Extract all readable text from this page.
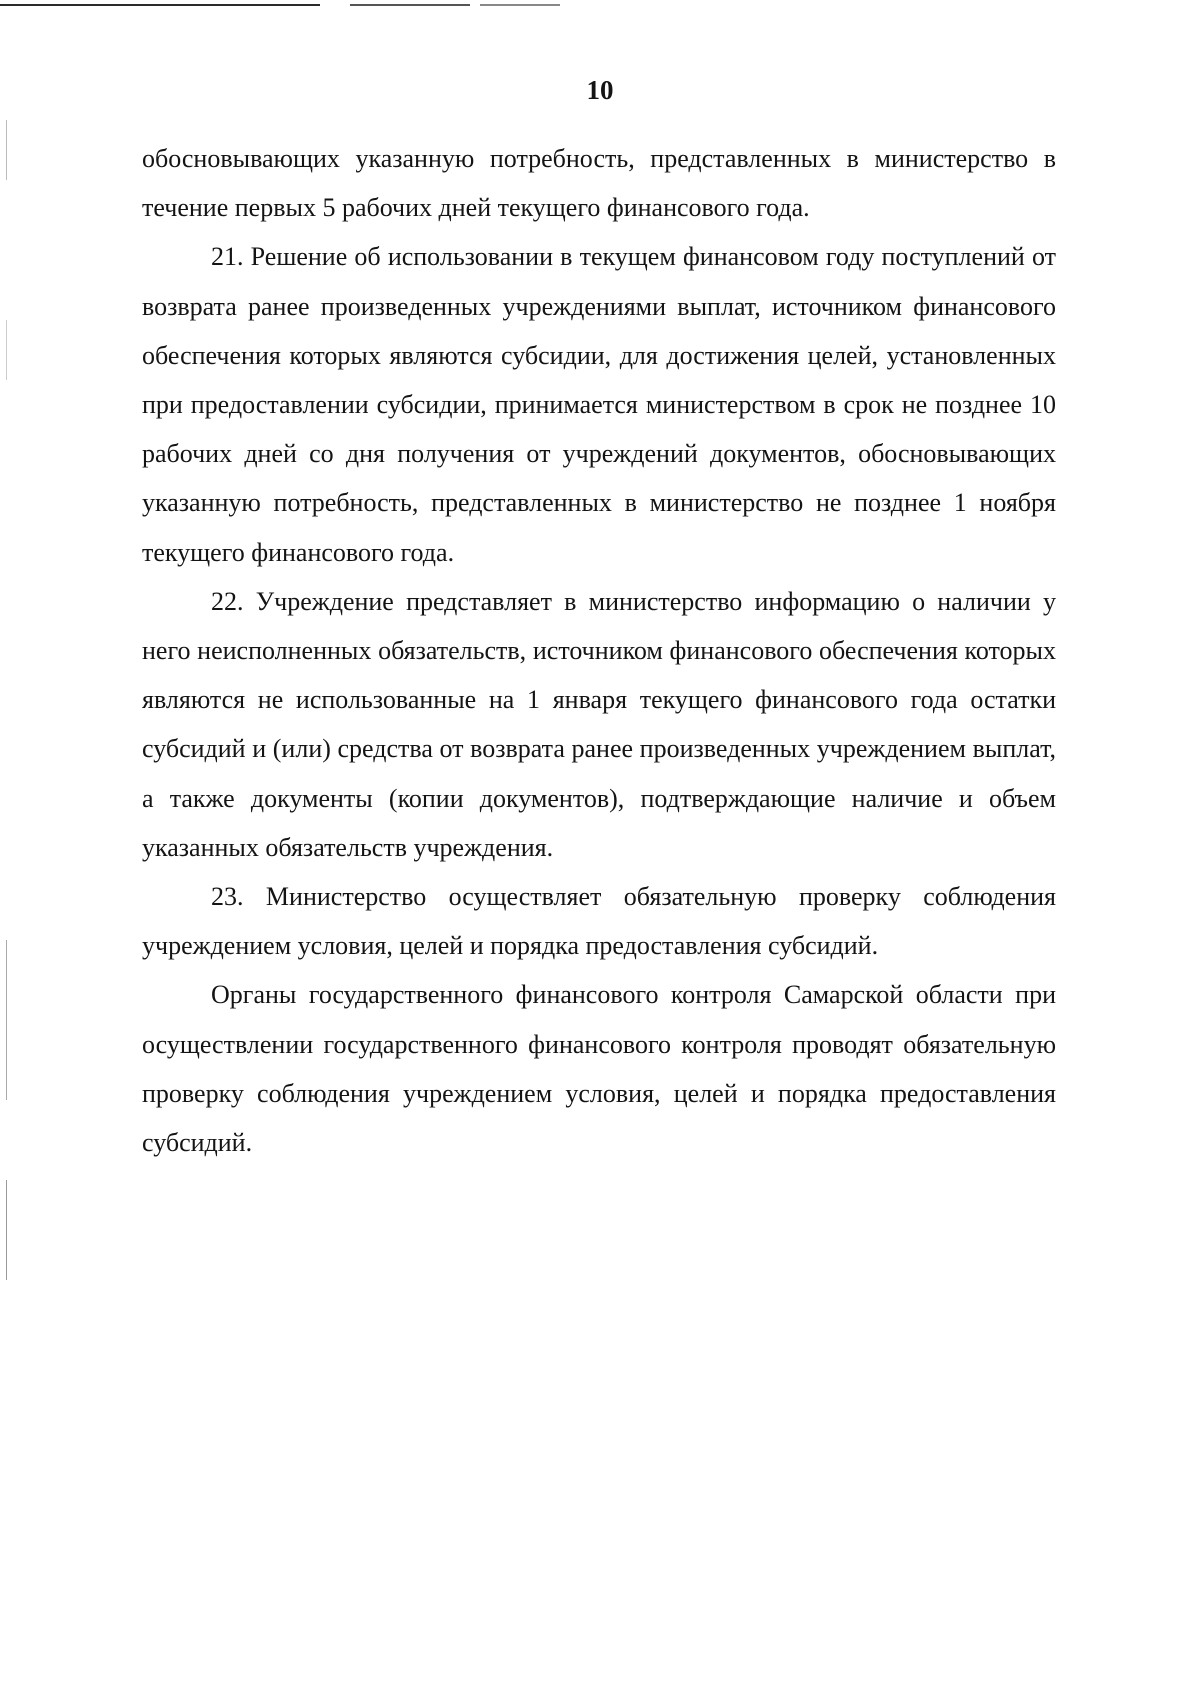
10

обосновывающих указанную потребность, представленных в министерство в течение первых 5 рабочих дней текущего финансового года.

21. Решение об использовании в текущем финансовом году поступлений от возврата ранее произведенных учреждениями выплат, источником финансового обеспечения которых являются субсидии, для достижения целей, установленных при предоставлении субсидии, принимается министерством в срок не позднее 10 рабочих дней со дня получения от учреждений документов, обосновывающих указанную потребность, представленных в министерство не позднее 1 ноября текущего финансового года.

22. Учреждение представляет в министерство информацию о наличии у него неисполненных обязательств, источником финансового обеспечения которых являются не использованные на 1 января текущего финансового года остатки субсидий и (или) средства от возврата ранее произведенных учреждением выплат, а также документы (копии документов), подтверждающие наличие и объем указанных обязательств учреждения.

23. Министерство осуществляет обязательную проверку соблюдения учреждением условия, целей и порядка предоставления субсидий.

Органы государственного финансового контроля Самарской области при осуществлении государственного финансового контроля проводят обязательную проверку соблюдения учреждением условия, целей и порядка предоставления субсидий.
